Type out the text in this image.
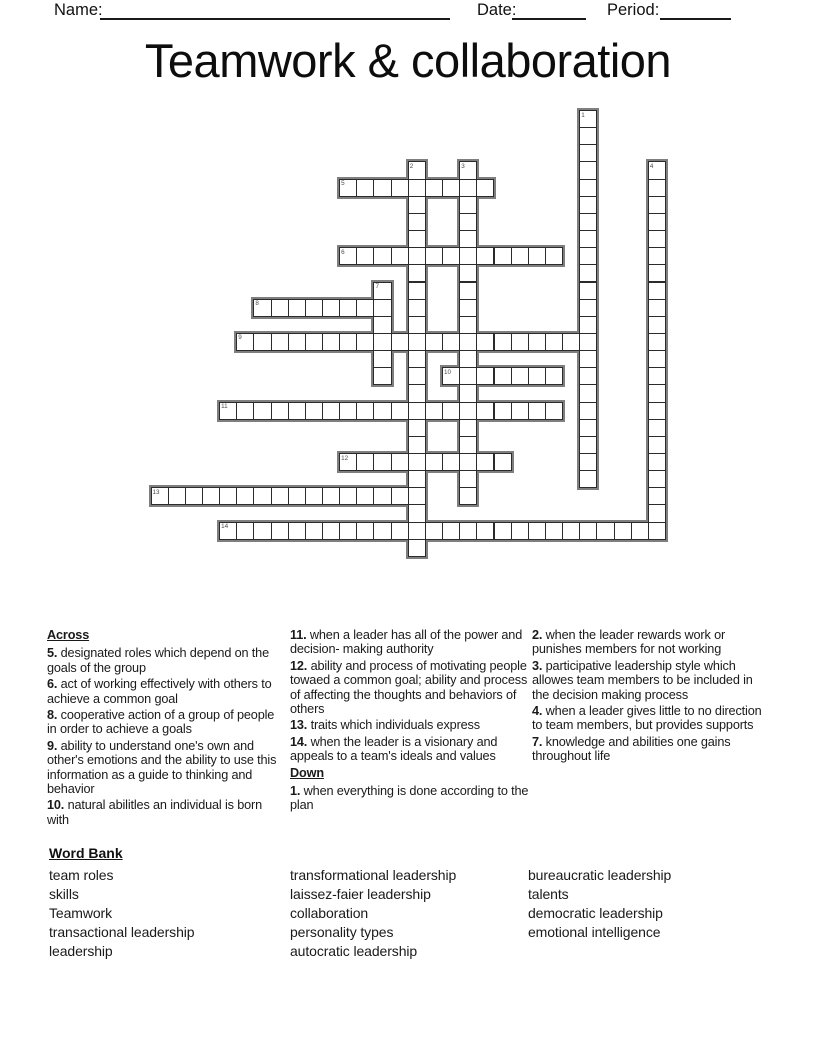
Name:	Date:	Period:
Teamwork & collaboration
1
2	3	4
5
6
7
8
9
10
11
12
13
14
Across
5. designated roles which depend on the goals of the group
6. act of working effectively with others to achieve a common goal
8. cooperative action of a group of people in order to achieve a goals
9. ability to understand one's own and other's emotions and the ability to use this information as a guide to thinking and behavior
10. natural abilitles an individual is born with
11. when a leader has all of the power and decision- making authority
12. ability and process of motivating people towaed a common goal; ability and process of affecting the thoughts and behaviors of others
13. traits which individuals express
14. when the leader is a visionary and appeals to a team's ideals and values
Down
1. when everything is done according to the plan
2. when the leader rewards work or punishes members for not working
3. participative leadership style which allowes team members to be included in the decision making process
4. when a leader gives little to no direction to team members, but provides supports
7. knowledge and abilities one gains throughout life
Word Bank
team roles
skills
Teamwork
transactional leadership
leadership
transformational leadership
laissez-faier leadership
collaboration
personality types
autocratic leadership
bureaucratic leadership
talents
democratic leadership
emotional intelligence
